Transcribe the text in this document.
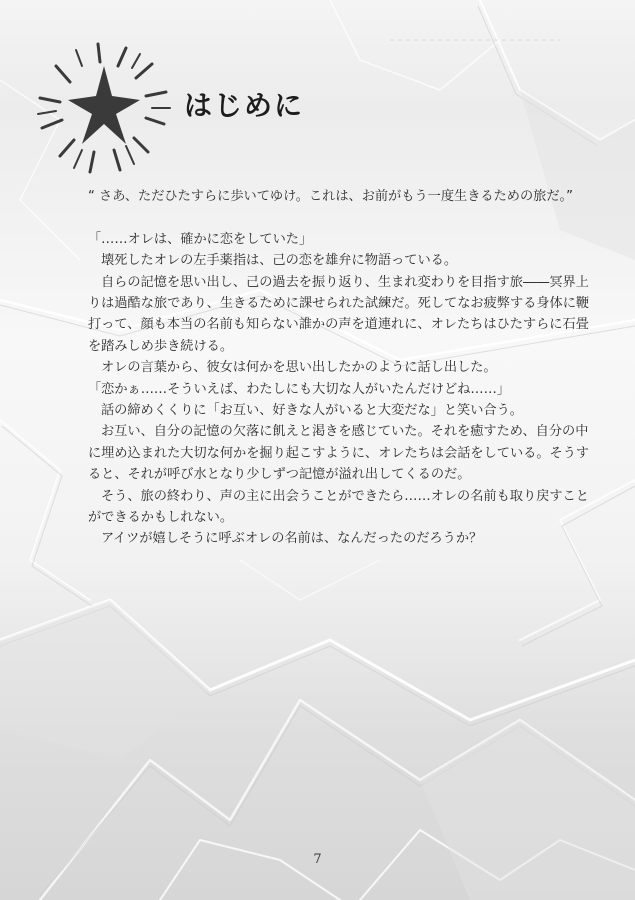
はじめに

“ さあ、ただひたすらに歩いてゆけ。これは、お前がもう一度生きるための旅だ。”

「……オレは、確かに恋をしていた」

壊死したオレの左手薬指は、己の恋を雄弁に物語っている。

自らの記憶を思い出し、己の過去を振り返り、生まれ変わりを目指す旅――冥界上

りは過酷な旅であり、生きるために課せられた試練だ。死してなお疲弊する身体に鞭

打って、顔も本当の名前も知らない誰かの声を道連れに、オレたちはひたすらに石畳

を踏みしめ歩き続ける。

オレの言葉から、彼女は何かを思い出したかのように話し出した。

「恋かぁ……そういえば、わたしにも大切な人がいたんだけどね……」

話の締めくくりに「お互い、好きな人がいると大変だな」と笑い合う。

お互い、自分の記憶の欠落に飢えと渇きを感じていた。それを癒すため、自分の中

に埋め込まれた大切な何かを掘り起こすように、オレたちは会話をしている。そうす

ると、それが呼び水となり少しずつ記憶が溢れ出してくるのだ。

そう、旅の終わり、声の主に出会うことができたら……オレの名前も取り戻すこと

ができるかもしれない。

アイツが嬉しそうに呼ぶオレの名前は、なんだったのだろうか？

7
